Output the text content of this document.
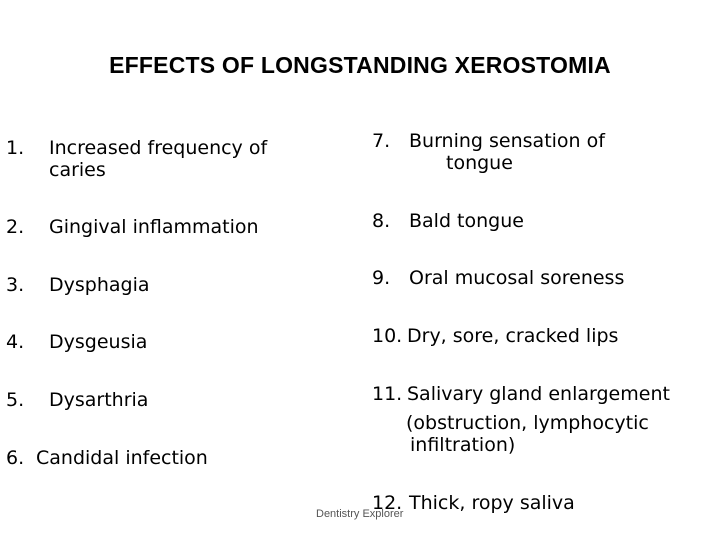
EFFECTS OF LONGSTANDING XEROSTOMIA
1. Increased frequency of
caries
2. Gingival inflammation
3. Dysphagia
4. Dysgeusia
5. Dysarthria
6. Candidal infection
7. Burning sensation of
tongue
8. Bald tongue
9. Oral mucosal soreness
10. Dry, sore, cracked lips
11. Salivary gland enlargement
(obstruction, lymphocytic
infiltration)
12. Thick, ropy saliva
Dentistry Explorer
